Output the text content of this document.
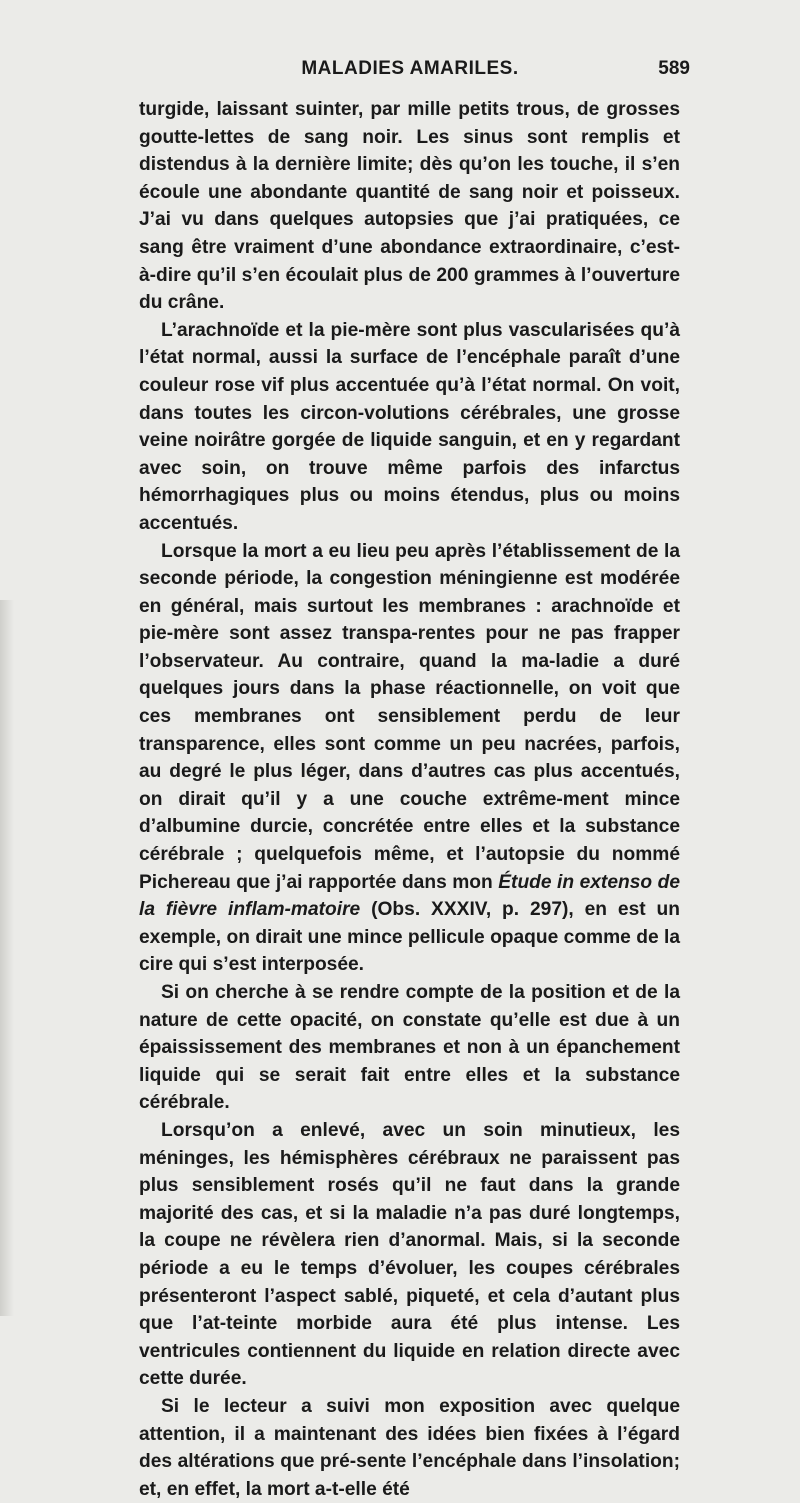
MALADIES AMARILES.	589

turgide, laissant suinter, par mille petits trous, de grosses goutte-lettes de sang noir. Les sinus sont remplis et distendus à la dernière limite; dès qu’on les touche, il s’en écoule une abondante quantité de sang noir et poisseux. J’ai vu dans quelques autopsies que j’ai pratiquées, ce sang être vraiment d’une abondance extraordinaire, c’est-à-dire qu’il s’en écoulait plus de 200 grammes à l’ouverture du crâne.

L’arachnoïde et la pie-mère sont plus vascularisées qu’à l’état normal, aussi la surface de l’encéphale paraît d’une couleur rose vif plus accentuée qu’à l’état normal. On voit, dans toutes les circon-volutions cérébrales, une grosse veine noirâtre gorgée de liquide sanguin, et en y regardant avec soin, on trouve même parfois des infarctus hémorrhagiques plus ou moins étendus, plus ou moins accentués.

Lorsque la mort a eu lieu peu après l’établissement de la seconde période, la congestion méningienne est modérée en général, mais surtout les membranes : arachnoïde et pie-mère sont assez transpa-rentes pour ne pas frapper l’observateur. Au contraire, quand la ma-ladie a duré quelques jours dans la phase réactionnelle, on voit que ces membranes ont sensiblement perdu de leur transparence, elles sont comme un peu nacrées, parfois, au degré le plus léger, dans d’autres cas plus accentués, on dirait qu’il y a une couche extrême-ment mince d’albumine durcie, concrétée entre elles et la substance cérébrale ; quelquefois même, et l’autopsie du nommé Pichereau que j’ai rapportée dans mon Étude in extenso de la fièvre inflam-matoire (Obs. XXXIV, p. 297), en est un exemple, on dirait une mince pellicule opaque comme de la cire qui s’est interposée.

Si on cherche à se rendre compte de la position et de la nature de cette opacité, on constate qu’elle est due à un épaississement des membranes et non à un épanchement liquide qui se serait fait entre elles et la substance cérébrale.

Lorsqu’on a enlevé, avec un soin minutieux, les méninges, les hémisphères cérébraux ne paraissent pas plus sensiblement rosés qu’il ne faut dans la grande majorité des cas, et si la maladie n’a pas duré longtemps, la coupe ne révèlera rien d’anormal. Mais, si la seconde période a eu le temps d’évoluer, les coupes cérébrales présenteront l’aspect sablé, piqueté, et cela d’autant plus que l’at-teinte morbide aura été plus intense. Les ventricules contiennent du liquide en relation directe avec cette durée.

Si le lecteur a suivi mon exposition avec quelque attention, il a maintenant des idées bien fixées à l’égard des altérations que pré-sente l’encéphale dans l’insolation; et, en effet, la mort a-t-elle été
